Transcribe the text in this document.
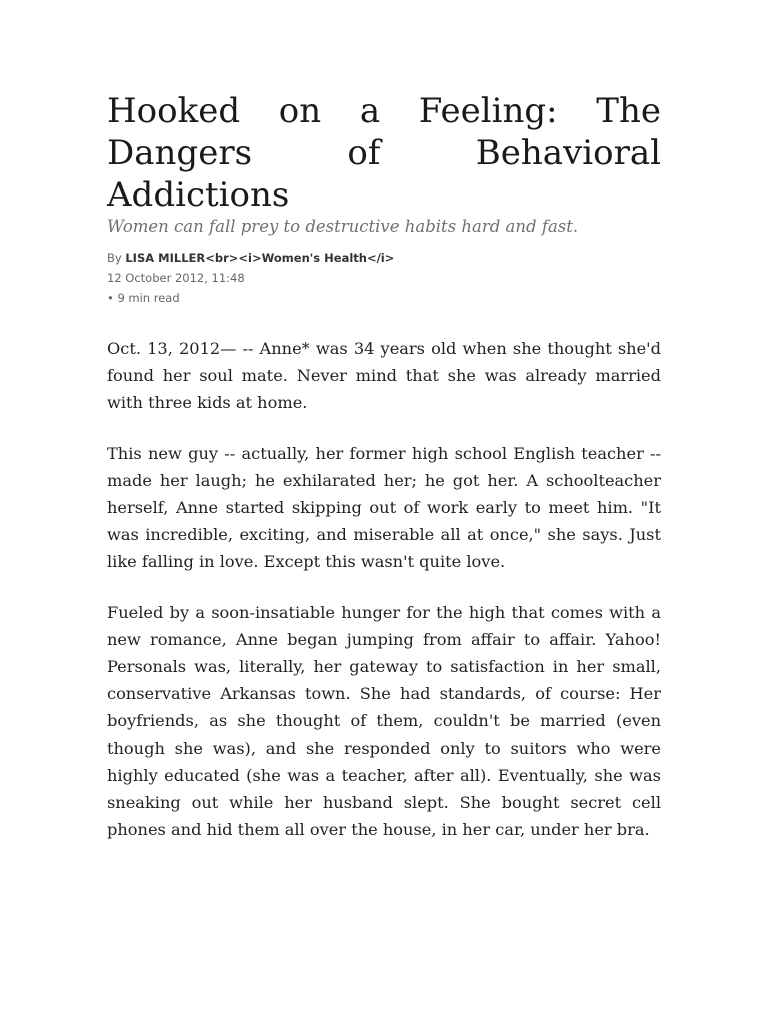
Hooked on a Feeling: The Dangers of Behavioral Addictions

Women can fall prey to destructive habits hard and fast.

By LISA MILLER<br><i>Women's Health</i>
12 October 2012, 11:48
• 9 min read

Oct. 13, 2012— -- Anne* was 34 years old when she thought she'd found her soul mate. Never mind that she was already married with three kids at home.

This new guy -- actually, her former high school English teacher -- made her laugh; he exhilarated her; he got her. A schoolteacher herself, Anne started skipping out of work early to meet him. "It was incredible, exciting, and miserable all at once," she says. Just like falling in love. Except this wasn't quite love.

Fueled by a soon-insatiable hunger for the high that comes with a new romance, Anne began jumping from affair to affair. Yahoo! Personals was, literally, her gateway to satisfaction in her small, conservative Arkansas town. She had standards, of course: Her boyfriends, as she thought of them, couldn't be married (even though she was), and she responded only to suitors who were highly educated (she was a teacher, after all). Eventually, she was sneaking out while her husband slept. She bought secret cell phones and hid them all over the house, in her car, under her bra.
